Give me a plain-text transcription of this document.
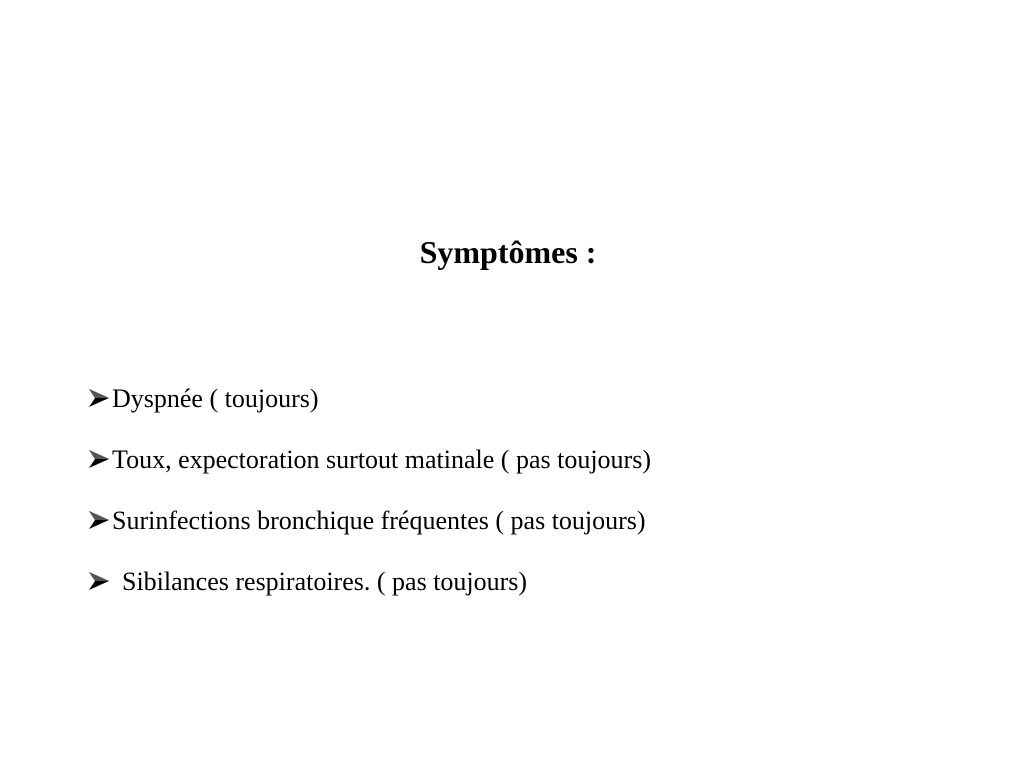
Symptômes :
Dyspnée ( toujours)
Toux, expectoration surtout matinale ( pas toujours)
Surinfections bronchique fréquentes ( pas toujours)
Sibilances respiratoires. ( pas toujours)
